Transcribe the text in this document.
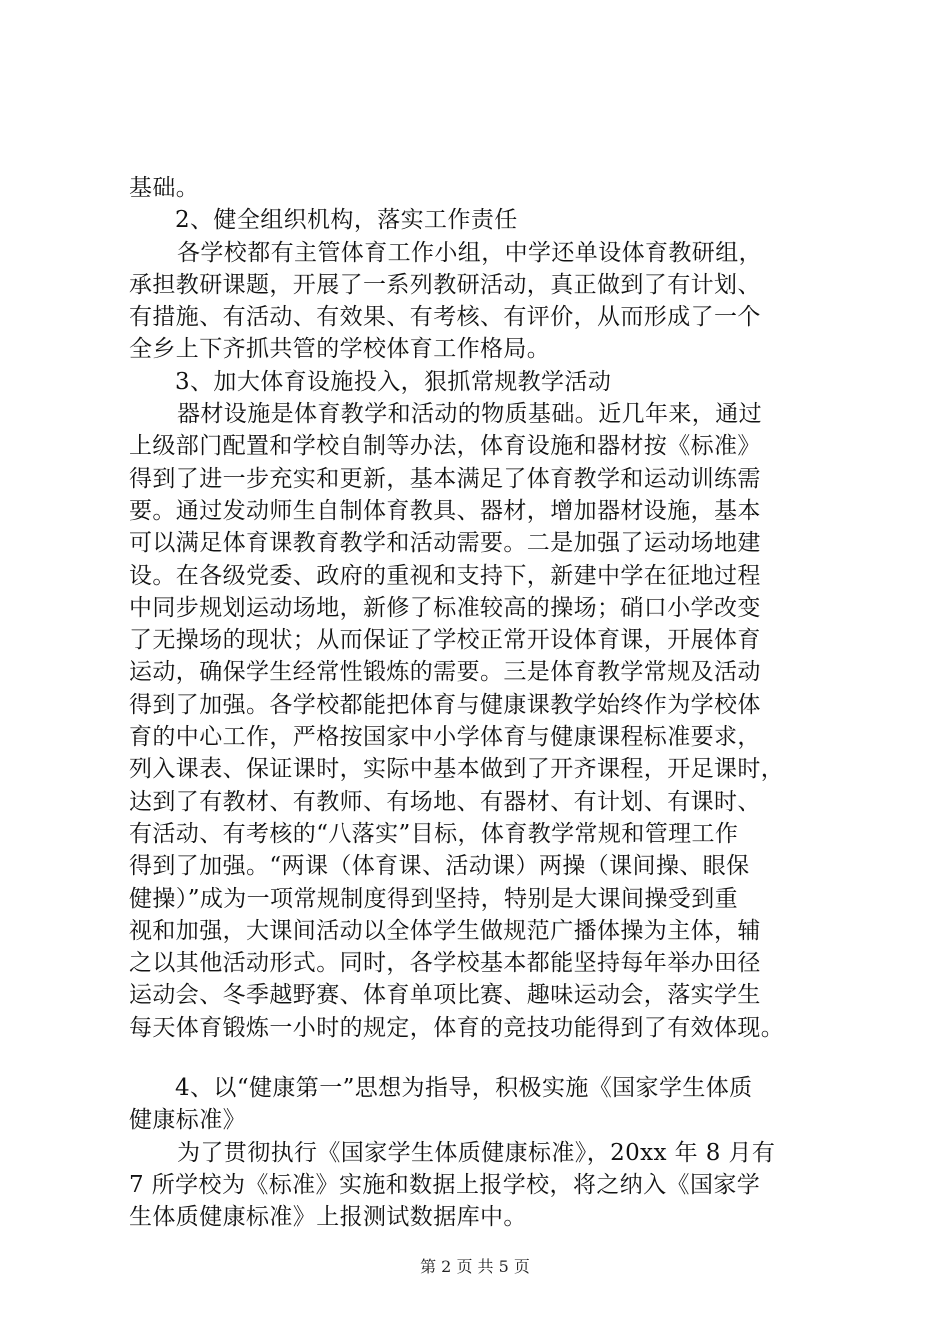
基础。
2、健全组织机构，落实工作责任
各学校都有主管体育工作小组，中学还单设体育教研组，
承担教研课题，开展了一系列教研活动，真正做到了有计划、
有措施、有活动、有效果、有考核、有评价，从而形成了一个
全乡上下齐抓共管的学校体育工作格局。
3、加大体育设施投入，狠抓常规教学活动
器材设施是体育教学和活动的物质基础。近几年来，通过
上级部门配置和学校自制等办法，体育设施和器材按《标准》
得到了进一步充实和更新，基本满足了体育教学和运动训练需
要。通过发动师生自制体育教具、器材，增加器材设施，基本
可以满足体育课教育教学和活动需要。二是加强了运动场地建
设。在各级党委、政府的重视和支持下，新建中学在征地过程
中同步规划运动场地，新修了标准较高的操场；硝口小学改变
了无操场的现状；从而保证了学校正常开设体育课，开展体育
运动，确保学生经常性锻炼的需要。三是体育教学常规及活动
得到了加强。各学校都能把体育与健康课教学始终作为学校体
育的中心工作，严格按国家中小学体育与健康课程标准要求，
列入课表、保证课时，实际中基本做到了开齐课程，开足课时，
达到了有教材、有教师、有场地、有器材、有计划、有课时、
有活动、有考核的“八落实”目标，体育教学常规和管理工作
得到了加强。“两课（体育课、活动课）两操（课间操、眼保
健操）”成为一项常规制度得到坚持，特别是大课间操受到重
视和加强，大课间活动以全体学生做规范广播体操为主体，辅
之以其他活动形式。同时，各学校基本都能坚持每年举办田径
运动会、冬季越野赛、体育单项比赛、趣味运动会，落实学生
每天体育锻炼一小时的规定，体育的竞技功能得到了有效体现。
4、以“健康第一”思想为指导，积极实施《国家学生体质
健康标准》
为了贯彻执行《国家学生体质健康标准》，20xx 年 8 月有
7 所学校为《标准》实施和数据上报学校，将之纳入《国家学
生体质健康标准》上报测试数据库中。
第 2 页 共 5 页
